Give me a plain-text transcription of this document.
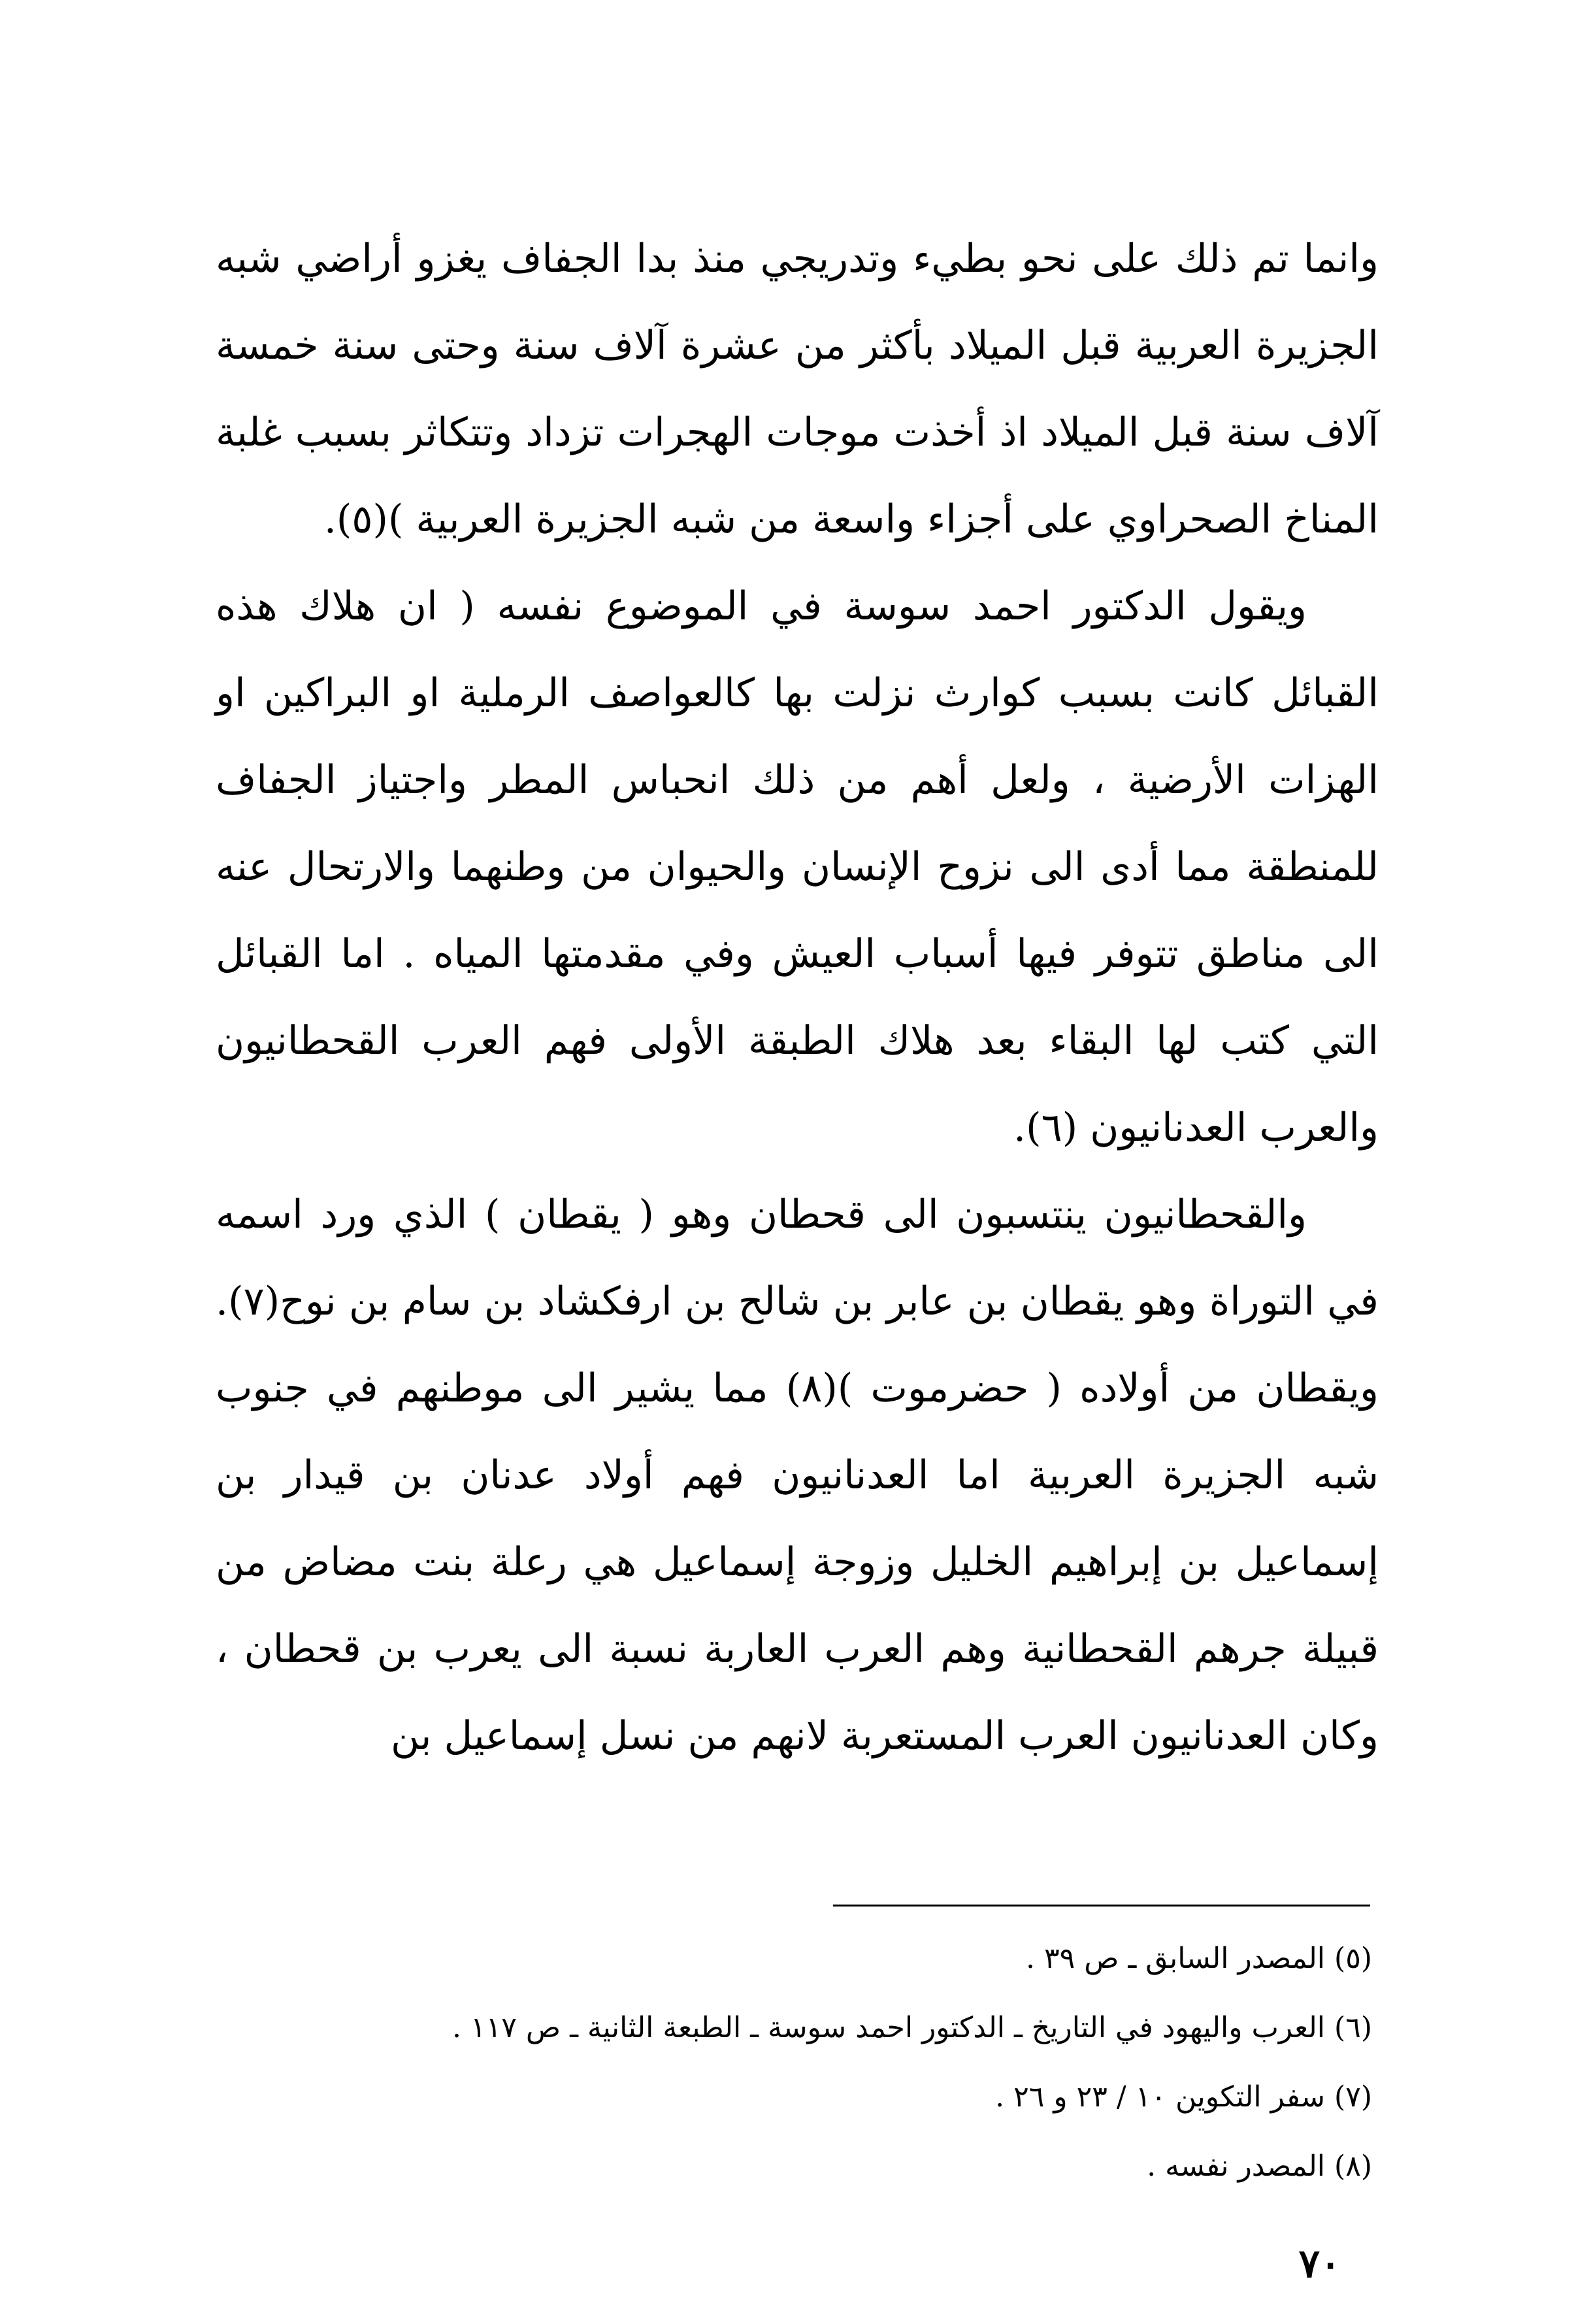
وانما تم ذلك على نحو بطيء وتدريجي منذ بدا الجفاف يغزو أراضي شبه الجزيرة العربية قبل الميلاد بأكثر من عشرة آلاف سنة وحتى سنة خمسة آلاف سنة قبل الميلاد اذ أخذت موجات الهجرات تزداد وتتكاثر بسبب غلبة المناخ الصحراوي على أجزاء واسعة من شبه الجزيرة العربية )(٥).

ويقول الدكتور احمد سوسة في الموضوع نفسه ( ان هلاك هذه القبائل كانت بسبب كوارث نزلت بها كالعواصف الرملية او البراكين او الهزات الأرضية ، ولعل أهم من ذلك انحباس المطر واجتياز الجفاف للمنطقة مما أدى الى نزوح الإنسان والحيوان من وطنهما والارتحال عنه الى مناطق تتوفر فيها أسباب العيش وفي مقدمتها المياه . اما القبائل التي كتب لها البقاء بعد هلاك الطبقة الأولى فهم العرب القحطانيون والعرب العدنانيون (٦).

والقحطانيون ينتسبون الى قحطان وهو ( يقطان ) الذي ورد اسمه في التوراة وهو يقطان بن عابر بن شالح بن ارفكشاد بن سام بن نوح(٧). ويقطان من أولاده ( حضرموت )(٨) مما يشير الى موطنهم في جنوب شبه الجزيرة العربية اما العدنانيون فهم أولاد عدنان بن قيدار بن إسماعيل بن إبراهيم الخليل وزوجة إسماعيل هي رعلة بنت مضاض من قبيلة جرهم القحطانية وهم العرب العاربة نسبة الى يعرب بن قحطان ، وكان العدنانيون العرب المستعربة لانهم من نسل إسماعيل بن

(٥) المصدر السابق ـ ص ٣٩ .
(٦) العرب واليهود في التاريخ ـ الدكتور احمد سوسة ـ الطبعة الثانية ـ ص ١١٧ .
(٧) سفر التكوين ١٠ / ٢٣ و ٢٦ .
(٨) المصدر نفسه .
٧٠
